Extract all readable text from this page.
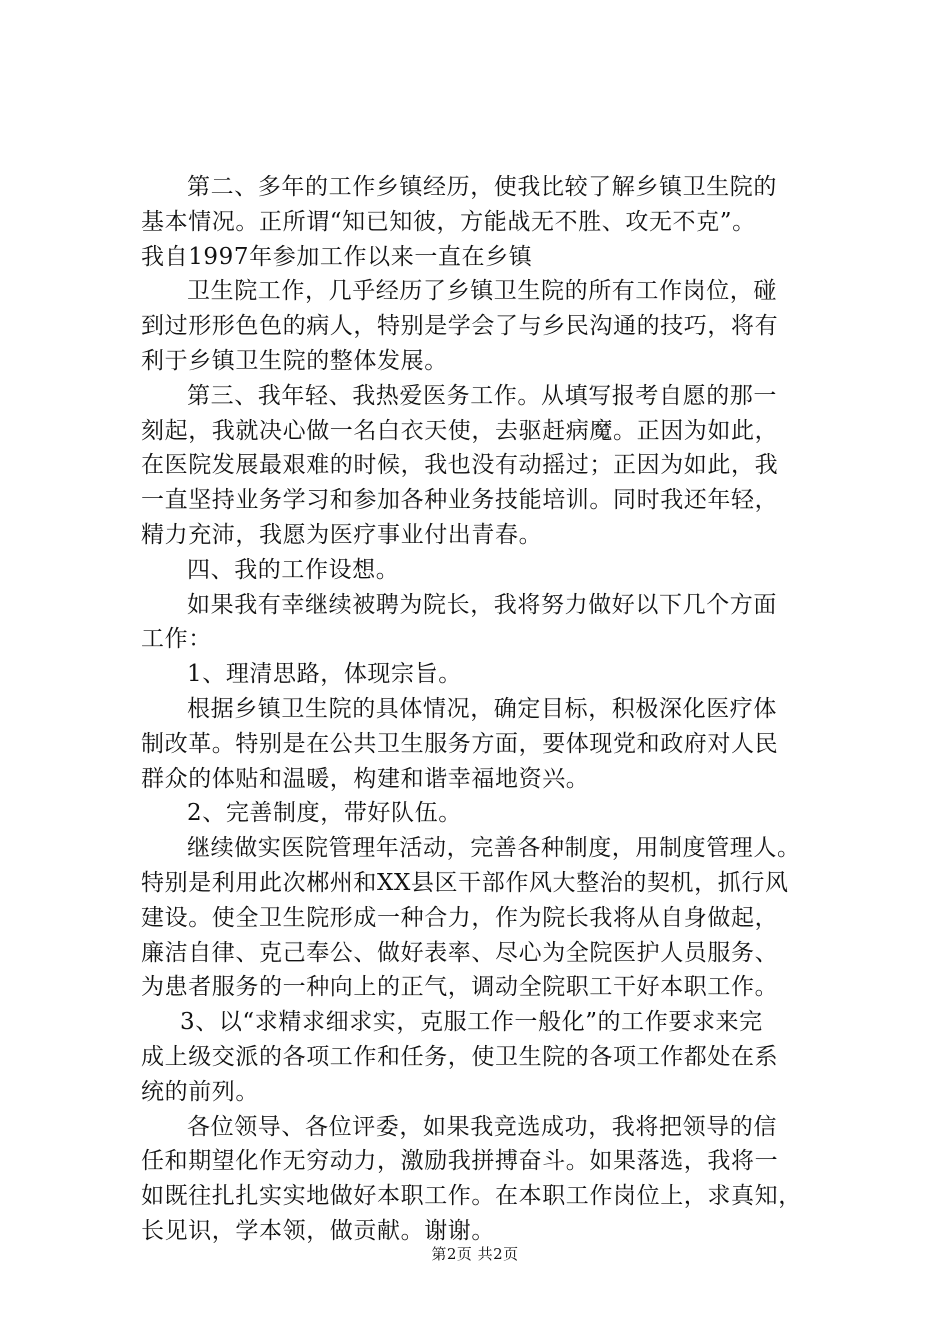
第二、多年的工作乡镇经历，使我比较了解乡镇卫生院的
基本情况。正所谓“知已知彼，方能战无不胜、攻无不克”。
我自1997年参加工作以来一直在乡镇
卫生院工作，几乎经历了乡镇卫生院的所有工作岗位，碰
到过形形色色的病人，特别是学会了与乡民沟通的技巧，将有
利于乡镇卫生院的整体发展。
第三、我年轻、我热爱医务工作。从填写报考自愿的那一
刻起，我就决心做一名白衣天使，去驱赶病魔。正因为如此，
在医院发展最艰难的时候，我也没有动摇过；正因为如此，我
一直坚持业务学习和参加各种业务技能培训。同时我还年轻，
精力充沛，我愿为医疗事业付出青春。
四、我的工作设想。
如果我有幸继续被聘为院长，我将努力做好以下几个方面
工作：
1、理清思路，体现宗旨。
根据乡镇卫生院的具体情况，确定目标，积极深化医疗体
制改革。特别是在公共卫生服务方面，要体现党和政府对人民
群众的体贴和温暖，构建和谐幸福地资兴。
2、完善制度，带好队伍。
继续做实医院管理年活动，完善各种制度，用制度管理人。
特别是利用此次郴州和XX县区干部作风大整治的契机，抓行风
建设。使全卫生院形成一种合力，作为院长我将从自身做起，
廉洁自律、克己奉公、做好表率、尽心为全院医护人员服务、
为患者服务的一种向上的正气，调动全院职工干好本职工作。
3、以“求精求细求实，克服工作一般化”的工作要求来完
成上级交派的各项工作和任务，使卫生院的各项工作都处在系
统的前列。
各位领导、各位评委，如果我竞选成功，我将把领导的信
任和期望化作无穷动力，激励我拼搏奋斗。如果落选，我将一
如既往扎扎实实地做好本职工作。在本职工作岗位上，求真知，
长见识，学本领，做贡献。谢谢。
第2页 共2页
